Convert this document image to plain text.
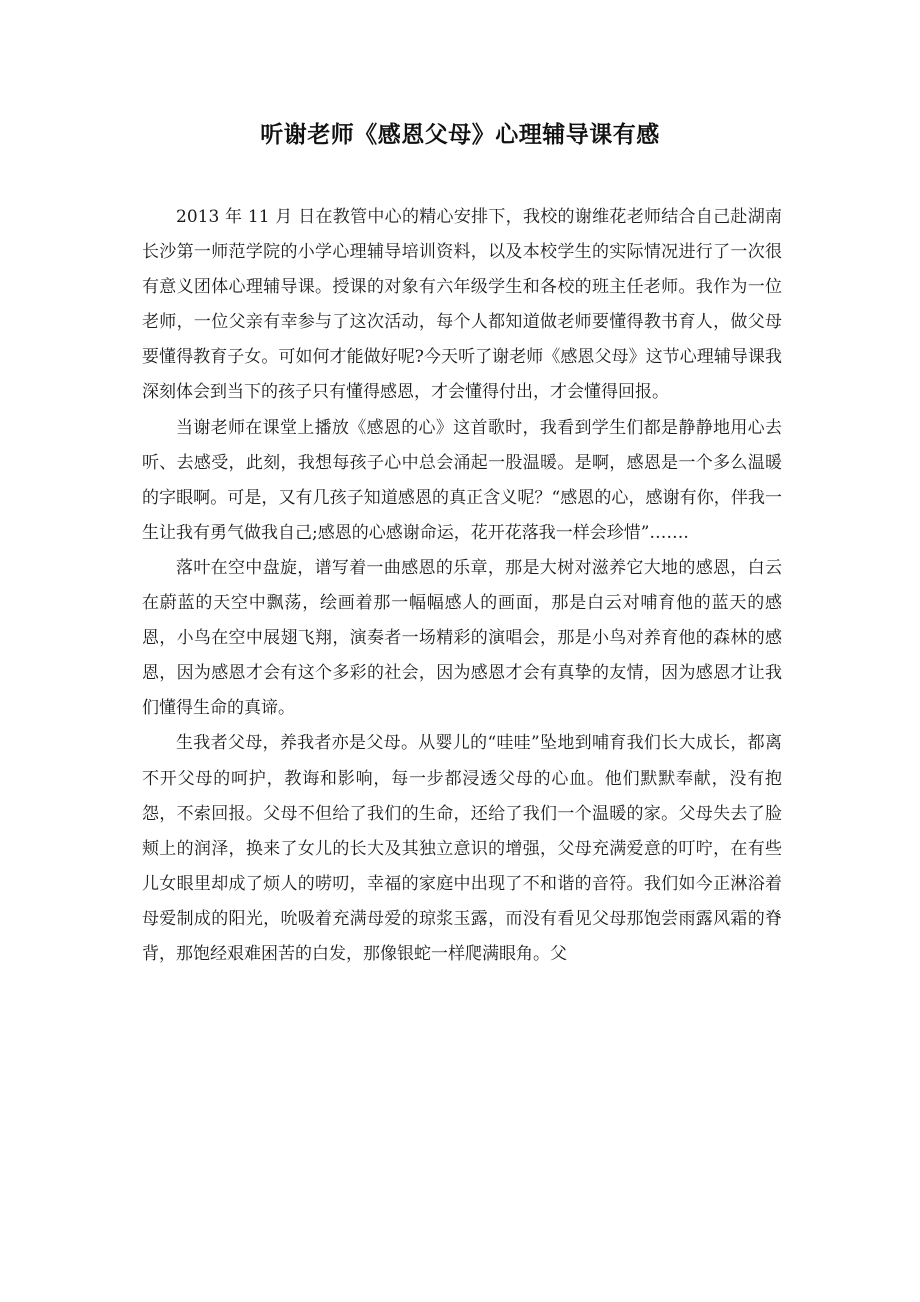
听谢老师《感恩父母》心理辅导课有感

2013 年 11 月 日在教管中心的精心安排下，我校的谢维花老师结合自己赴湖南长沙第一师范学院的小学心理辅导培训资料，以及本校学生的实际情况进行了一次很有意义团体心理辅导课。授课的对象有六年级学生和各校的班主任老师。我作为一位老师，一位父亲有幸参与了这次活动，每个人都知道做老师要懂得教书育人，做父母要懂得教育子女。可如何才能做好呢?今天听了谢老师《感恩父母》这节心理辅导课我深刻体会到当下的孩子只有懂得感恩，才会懂得付出，才会懂得回报。

当谢老师在课堂上播放《感恩的心》这首歌时，我看到学生们都是静静地用心去听、去感受，此刻，我想每孩子心中总会涌起一股温暖。是啊，感恩是一个多么温暖的字眼啊。可是，又有几孩子知道感恩的真正含义呢？“感恩的心，感谢有你，伴我一生让我有勇气做我自己;感恩的心感谢命运，花开花落我一样会珍惜”…….

落叶在空中盘旋，谱写着一曲感恩的乐章，那是大树对滋养它大地的感恩，白云在蔚蓝的天空中飘荡，绘画着那一幅幅感人的画面，那是白云对哺育他的蓝天的感恩，小鸟在空中展翅飞翔，演奏者一场精彩的演唱会，那是小鸟对养育他的森林的感恩，因为感恩才会有这个多彩的社会，因为感恩才会有真挚的友情，因为感恩才让我们懂得生命的真谛。

生我者父母，养我者亦是父母。从婴儿的“哇哇”坠地到哺育我们长大成长，都离不开父母的呵护，教诲和影响，每一步都浸透父母的心血。他们默默奉献，没有抱怨，不索回报。父母不但给了我们的生命，还给了我们一个温暖的家。父母失去了脸颊上的润泽，换来了女儿的长大及其独立意识的增强，父母充满爱意的叮咛，在有些儿女眼里却成了烦人的唠叨，幸福的家庭中出现了不和谐的音符。我们如今正淋浴着母爱制成的阳光，吮吸着充满母爱的琼浆玉露，而没有看见父母那饱尝雨露风霜的脊背，那饱经艰难困苦的白发，那像银蛇一样爬满眼角。父
